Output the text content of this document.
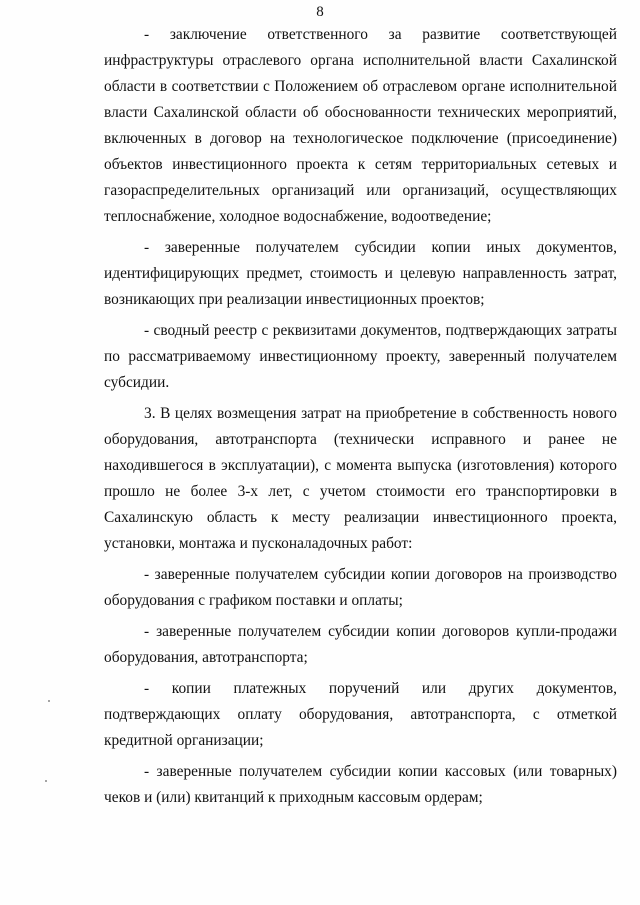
8

- заключение ответственного за развитие соответствующей инфраструктуры отраслевого органа исполнительной власти Сахалинской области в соответствии с Положением об отраслевом органе исполнительной власти Сахалинской области об обоснованности технических мероприятий, включенных в договор на технологическое подключение (присоединение) объектов инвестиционного проекта к сетям территориальных сетевых и газораспределительных организаций или организаций, осуществляющих теплоснабжение, холодное водоснабжение, водоотведение;

- заверенные получателем субсидии копии иных документов, идентифицирующих предмет, стоимость и целевую направленность затрат, возникающих при реализации инвестиционных проектов;

- сводный реестр с реквизитами документов, подтверждающих затраты по рассматриваемому инвестиционному проекту, заверенный получателем субсидии.

3. В целях возмещения затрат на приобретение в собственность нового оборудования, автотранспорта (технически исправного и ранее не находившегося в эксплуатации), с момента выпуска (изготовления) которого прошло не более 3-х лет, с учетом стоимости его транспортировки в Сахалинскую область к месту реализации инвестиционного проекта, установки, монтажа и пусконаладочных работ:

- заверенные получателем субсидии копии договоров на производство оборудования с графиком поставки и оплаты;

- заверенные получателем субсидии копии договоров купли-продажи оборудования, автотранспорта;

- копии платежных поручений или других документов, подтверждающих оплату оборудования, автотранспорта, с отметкой кредитной организации;

- заверенные получателем субсидии копии кассовых (или товарных) чеков и (или) квитанций к приходным кассовым ордерам;
